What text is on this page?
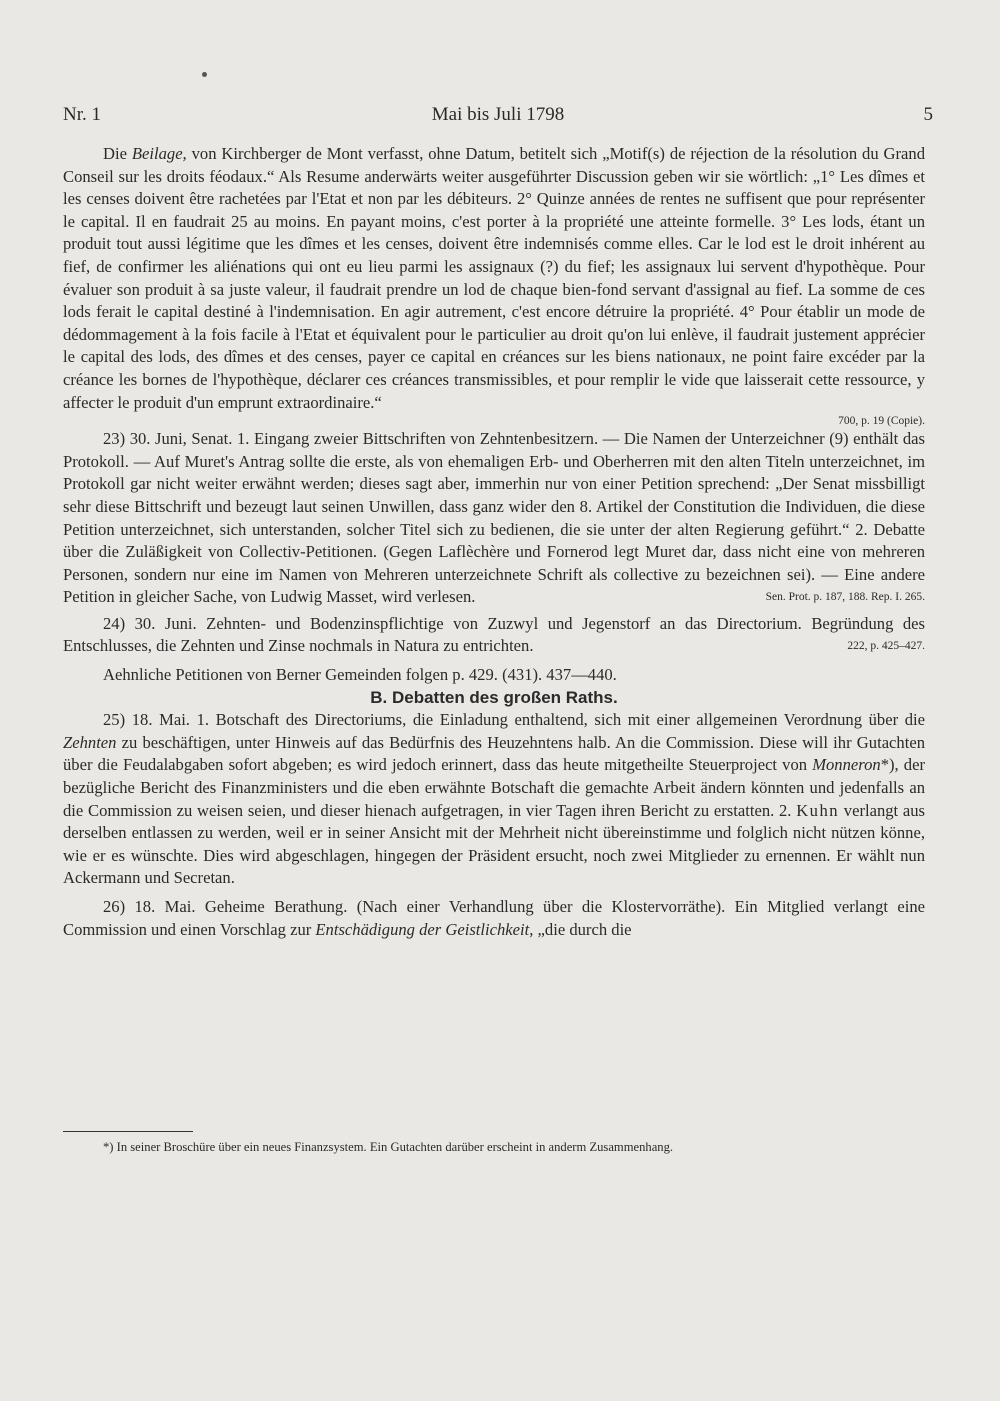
Nr. 1	Mai bis Juli 1798	5

Die Beilage, von Kirchberger de Mont verfasst, ohne Datum, betitelt sich „Motif(s) de réjection de la résolution du Grand Conseil sur les droits féodaux.“ Als Resume anderwärts weiter ausgeführter Discussion geben wir sie wörtlich: „1° Les dîmes et les censes doivent être rachetées par l'Etat et non par les débiteurs. 2° Quinze années de rentes ne suffisent que pour représenter le capital. Il en faudrait 25 au moins. En payant moins, c'est porter à la propriété une atteinte formelle. 3° Les lods, étant un produit tout aussi légitime que les dîmes et les censes, doivent être indemnisés comme elles. Car le lod est le droit inhérent au fief, de confirmer les aliénations qui ont eu lieu parmi les assignaux (?) du fief; les assignaux lui servent d'hypothèque. Pour évaluer son produit à sa juste valeur, il faudrait prendre un lod de chaque bien-fond servant d'assignal au fief. La somme de ces lods ferait le capital destiné à l'indemnisation. En agir autrement, c'est encore détruire la propriété. 4° Pour établir un mode de dédommagement à la fois facile à l'Etat et équivalent pour le particulier au droit qu'on lui enlève, il faudrait justement apprécier le capital des lods, des dîmes et des censes, payer ce capital en créances sur les biens nationaux, ne point faire excéder par la créance les bornes de l'hypothèque, déclarer ces créances transmissibles, et pour remplir le vide que laisserait cette ressource, y affecter le produit d'un emprunt extraordinaire.“

700, p. 19 (Copie).

23) 30. Juni, Senat. 1. Eingang zweier Bittschriften von Zehntenbesitzern. — Die Namen der Unterzeichner (9) enthält das Protokoll. — Auf Muret's Antrag sollte die erste, als von ehemaligen Erb- und Oberherren mit den alten Titeln unterzeichnet, im Protokoll gar nicht weiter erwähnt werden; dieses sagt aber, immerhin nur von einer Petition sprechend: „Der Senat missbilligt sehr diese Bittschrift und bezeugt laut seinen Unwillen, dass ganz wider den 8. Artikel der Constitution die Individuen, die diese Petition unterzeichnet, sich unterstanden, solcher Titel sich zu bedienen, die sie unter der alten Regierung geführt.“ 2. Debatte über die Zuläßigkeit von Collectiv-Petitionen. (Gegen Laflèchère und Fornerod legt Muret dar, dass nicht eine von mehreren Personen, sondern nur eine im Namen von Mehreren unterzeichnete Schrift als collective zu bezeichnen sei). — Eine andere Petition in gleicher Sache, von Ludwig Masset, wird verlesen.	Sen. Prot. p. 187, 188. Rep. I. 265.

24) 30. Juni. Zehnten- und Bodenzinspflichtige von Zuzwyl und Jegenstorf an das Directorium. Begründung des Entschlusses, die Zehnten und Zinse nochmals in Natura zu entrichten.	222, p. 425–427.

Aehnliche Petitionen von Berner Gemeinden folgen p. 429. (431). 437—440.

B. Debatten des großen Raths.

25) 18. Mai. 1. Botschaft des Directoriums, die Einladung enthaltend, sich mit einer allgemeinen Verordnung über die Zehnten zu beschäftigen, unter Hinweis auf das Bedürfnis des Heuzehntens halb. An die Commission. Diese will ihr Gutachten über die Feudalabgaben sofort abgeben; es wird jedoch erinnert, dass das heute mitgetheilte Steuerproject von Monneron*), der bezügliche Bericht des Finanzministers und die eben erwähnte Botschaft die gemachte Arbeit ändern könnten und jedenfalls an die Commission zu weisen seien, und dieser hienach aufgetragen, in vier Tagen ihren Bericht zu erstatten. 2. Kuhn verlangt aus derselben entlassen zu werden, weil er in seiner Ansicht mit der Mehrheit nicht übereinstimme und folglich nicht nützen könne, wie er es wünschte. Dies wird abgeschlagen, hingegen der Präsident ersucht, noch zwei Mitglieder zu ernennen. Er wählt nun Ackermann und Secretan.

26) 18. Mai. Geheime Berathung. (Nach einer Verhandlung über die Klostervorräthe). Ein Mitglied verlangt eine Commission und einen Vorschlag zur Entschädigung der Geistlichkeit, „die durch die

*) In seiner Broschüre über ein neues Finanzsystem. Ein Gutachten darüber erscheint in anderm Zusammenhang.
